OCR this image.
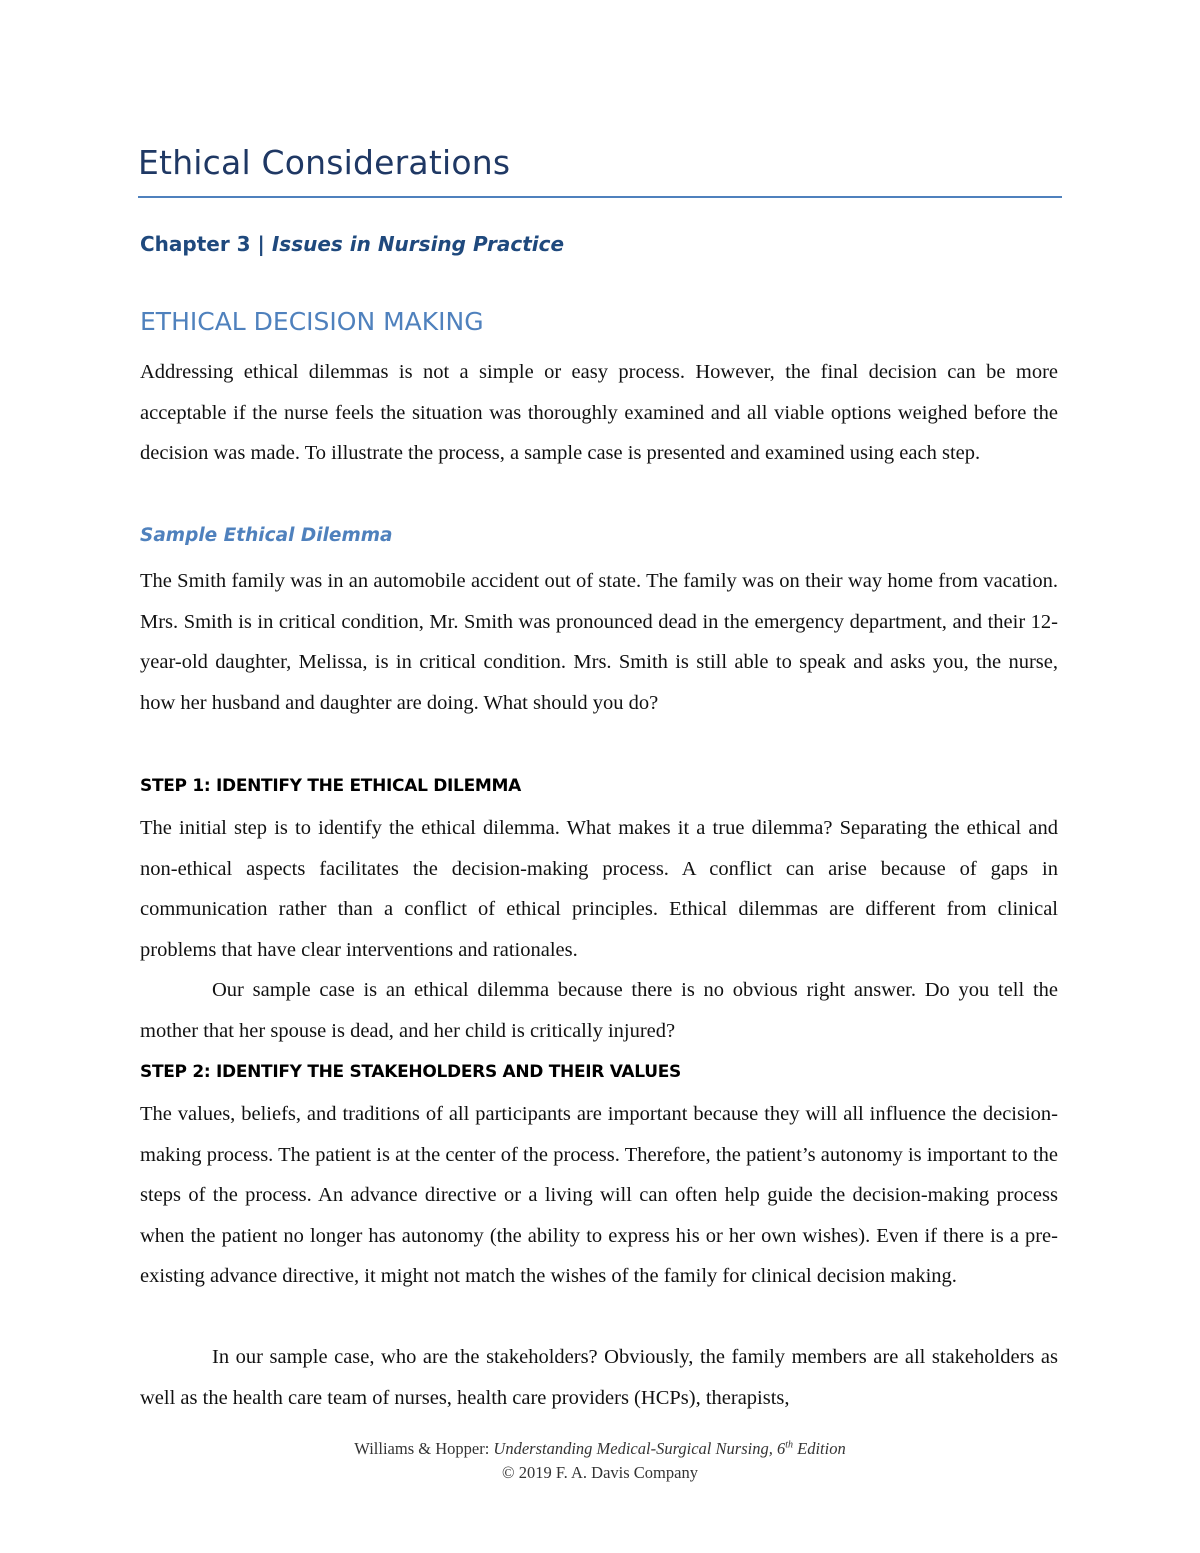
Ethical Considerations
Chapter 3 | Issues in Nursing Practice
ETHICAL DECISION MAKING

Addressing ethical dilemmas is not a simple or easy process. However, the final decision can be more acceptable if the nurse feels the situation was thoroughly examined and all viable options weighed before the decision was made. To illustrate the process, a sample case is presented and examined using each step.

Sample Ethical Dilemma

The Smith family was in an automobile accident out of state. The family was on their way home from vacation. Mrs. Smith is in critical condition, Mr. Smith was pronounced dead in the emergency department, and their 12-year-old daughter, Melissa, is in critical condition. Mrs. Smith is still able to speak and asks you, the nurse, how her husband and daughter are doing. What should you do?

STEP 1: IDENTIFY THE ETHICAL DILEMMA

The initial step is to identify the ethical dilemma. What makes it a true dilemma? Separating the ethical and non-ethical aspects facilitates the decision-making process. A conflict can arise because of gaps in communication rather than a conflict of ethical principles. Ethical dilemmas are different from clinical problems that have clear interventions and rationales.

Our sample case is an ethical dilemma because there is no obvious right answer. Do you tell the mother that her spouse is dead, and her child is critically injured?

STEP 2: IDENTIFY THE STAKEHOLDERS AND THEIR VALUES

The values, beliefs, and traditions of all participants are important because they will all influence the decision-making process. The patient is at the center of the process. Therefore, the patient’s autonomy is important to the steps of the process. An advance directive or a living will can often help guide the decision-making process when the patient no longer has autonomy (the ability to express his or her own wishes). Even if there is a pre-existing advance directive, it might not match the wishes of the family for clinical decision making.

In our sample case, who are the stakeholders? Obviously, the family members are all stakeholders as well as the health care team of nurses, health care providers (HCPs), therapists,

Williams & Hopper: Understanding Medical-Surgical Nursing, 6th Edition
© 2019 F. A. Davis Company
